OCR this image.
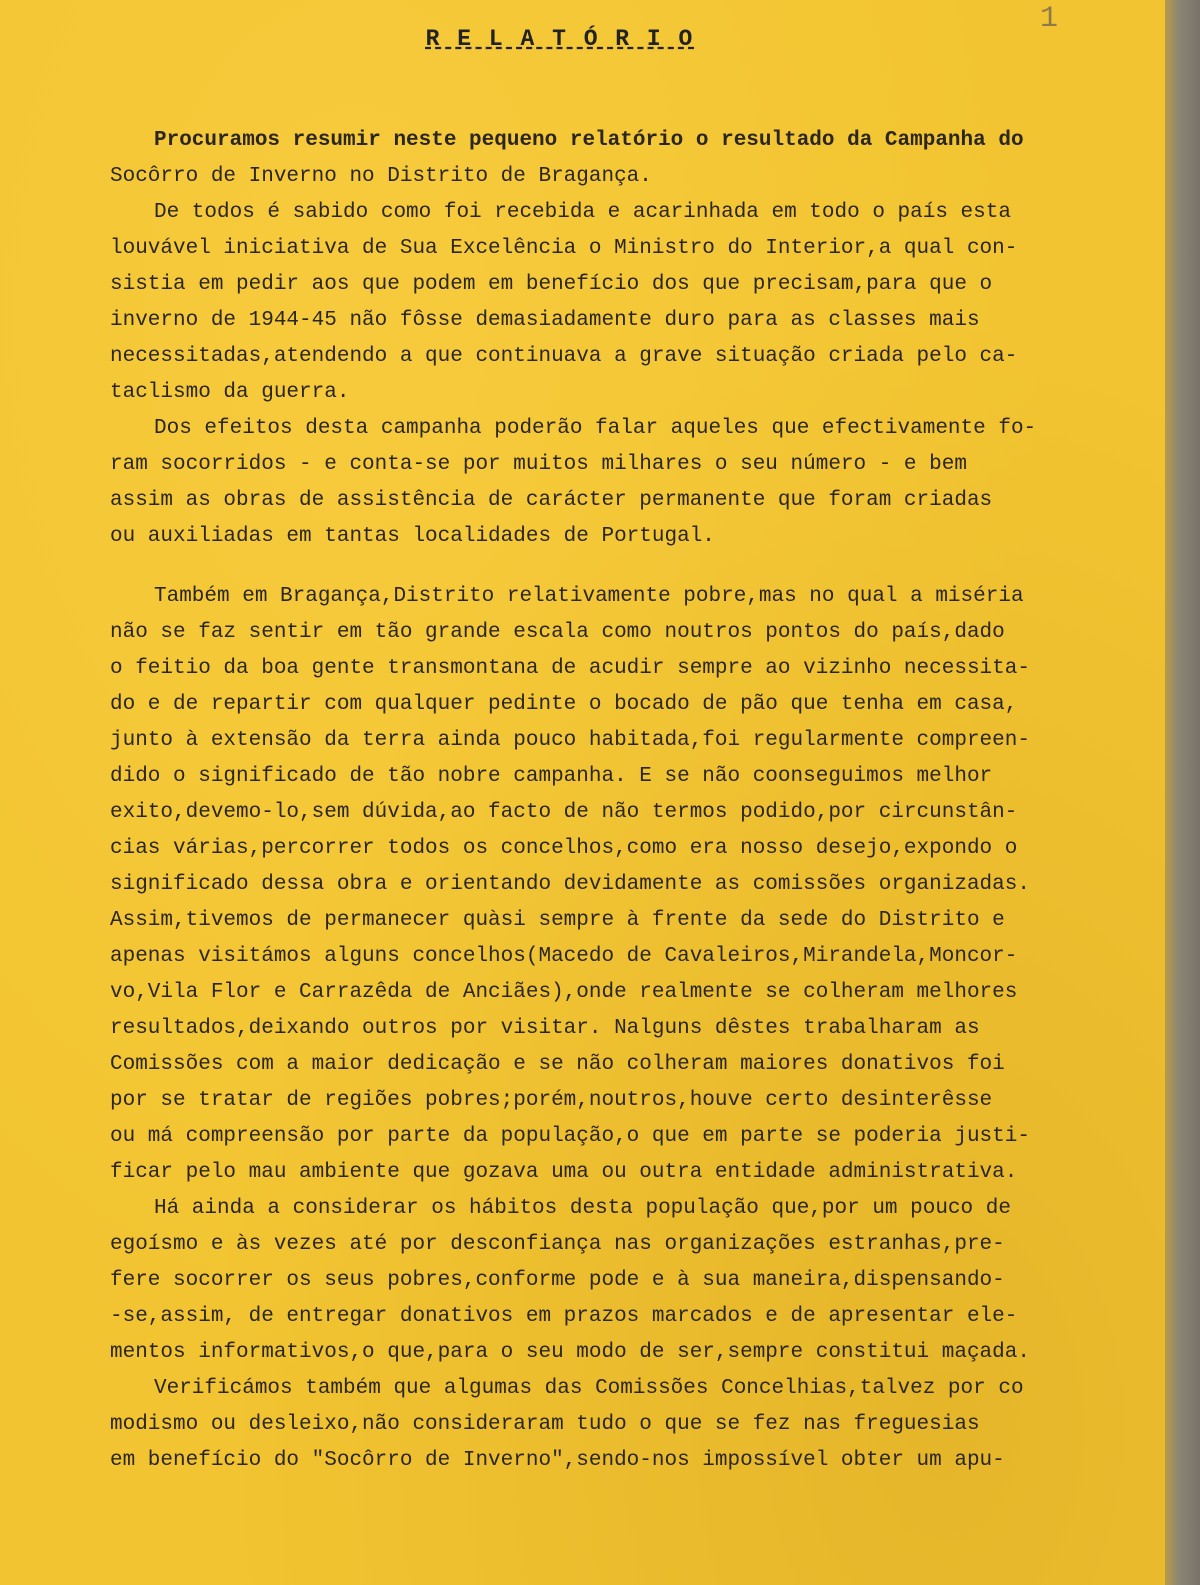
1
R E L A T Ó R I O
Procuramos resumir neste pequeno relatório o resultado da Campanha do
Socôrro de Inverno no Distrito de Bragança.
De todos é sabido como foi recebida e acarinhada em todo o país esta
louvável iniciativa de Sua Excelência o Ministro do Interior,a qual con-
sistia em pedir aos que podem em benefício dos que precisam,para que o
inverno de 1944-45 não fôsse demasiadamente duro para as classes mais
necessitadas,atendendo a que continuava a grave situação criada pelo ca-
taclismo da guerra.
Dos efeitos desta campanha poderão falar aqueles que efectivamente fo-
ram socorridos - e conta-se por muitos milhares o seu número - e bem
assim as obras de assistência de carácter permanente que foram criadas
ou auxiliadas em tantas localidades de Portugal.
Também em Bragança,Distrito relativamente pobre,mas no qual a miséria
não se faz sentir em tão grande escala como noutros pontos do país,dado
o feitio da boa gente transmontana de acudir sempre ao vizinho necessita-
do e de repartir com qualquer pedinte o bocado de pão que tenha em casa,
junto à extensão da terra ainda pouco habitada,foi regularmente compreen-
dido o significado de tão nobre campanha. E se não coonseguimos melhor
exito,devemo-lo,sem dúvida,ao facto de não termos podido,por circunstân-
cias várias,percorrer todos os concelhos,como era nosso desejo,expondo o
significado dessa obra e orientando devidamente as comissões organizadas.
Assim,tivemos de permanecer quàsi sempre à frente da sede do Distrito e
apenas visitámos alguns concelhos(Macedo de Cavaleiros,Mirandela,Moncor-
vo,Vila Flor e Carrazêda de Anciães),onde realmente se colheram melhores
resultados,deixando outros por visitar. Nalguns dêstes trabalharam as
Comissões com a maior dedicação e se não colheram maiores donativos foi
por se tratar de regiões pobres;porém,noutros,houve certo desinterêsse
ou má compreensão por parte da população,o que em parte se poderia justi-
ficar pelo mau ambiente que gozava uma ou outra entidade administrativa.
Há ainda a considerar os hábitos desta população que,por um pouco de
egoísmo e às vezes até por desconfiança nas organizações estranhas,pre-
fere socorrer os seus pobres,conforme pode e à sua maneira,dispensando-
-se,assim, de entregar donativos em prazos marcados e de apresentar ele-
mentos informativos,o que,para o seu modo de ser,sempre constitui maçada.
Verificámos também que algumas das Comissões Concelhias,talvez por co
modismo ou desleixo,não consideraram tudo o que se fez nas freguesias
em benefício do "Socôrro de Inverno",sendo-nos impossível obter um apu-
